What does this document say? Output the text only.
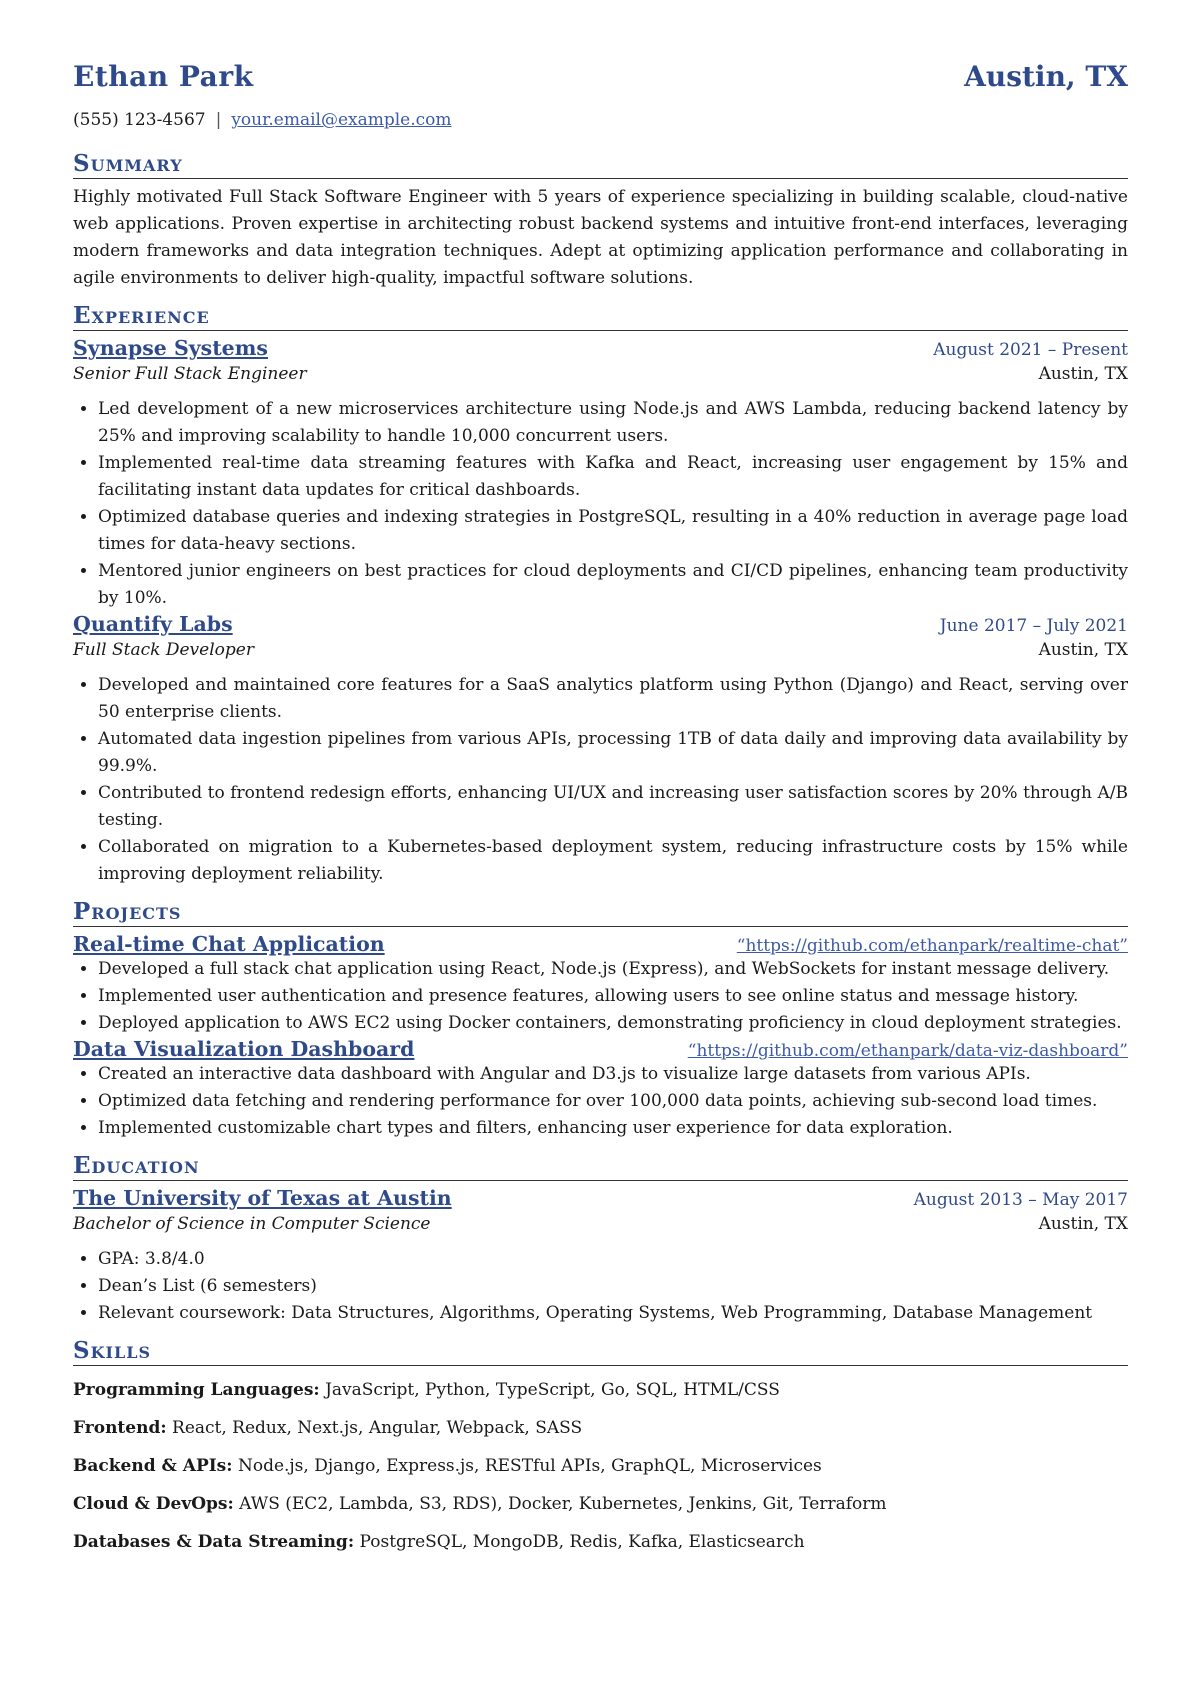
Ethan Park	Austin, TX
(555) 123-4567 | your.email@example.com
Summary
Highly motivated Full Stack Software Engineer with 5 years of experience specializing in building scalable, cloud-native web applications. Proven expertise in architecting robust backend systems and intuitive front-end interfaces, leveraging modern frameworks and data integration techniques. Adept at optimizing application performance and collaborating in agile environments to deliver high-quality, impactful software solutions.
Experience
Synapse Systems	August 2021 – Present
Senior Full Stack Engineer	Austin, TX
• Led development of a new microservices architecture using Node.js and AWS Lambda, reducing backend latency by 25% and improving scalability to handle 10,000 concurrent users.
• Implemented real-time data streaming features with Kafka and React, increasing user engagement by 15% and facilitating instant data updates for critical dashboards.
• Optimized database queries and indexing strategies in PostgreSQL, resulting in a 40% reduction in average page load times for data-heavy sections.
• Mentored junior engineers on best practices for cloud deployments and CI/CD pipelines, enhancing team productivity by 10%.
Quantify Labs	June 2017 – July 2021
Full Stack Developer	Austin, TX
• Developed and maintained core features for a SaaS analytics platform using Python (Django) and React, serving over 50 enterprise clients.
• Automated data ingestion pipelines from various APIs, processing 1TB of data daily and improving data availability by 99.9%.
• Contributed to frontend redesign efforts, enhancing UI/UX and increasing user satisfaction scores by 20% through A/B testing.
• Collaborated on migration to a Kubernetes-based deployment system, reducing infrastructure costs by 15% while improving deployment reliability.
Projects
Real-time Chat Application	“https://github.com/ethanpark/realtime-chat”
• Developed a full stack chat application using React, Node.js (Express), and WebSockets for instant message delivery.
• Implemented user authentication and presence features, allowing users to see online status and message history.
• Deployed application to AWS EC2 using Docker containers, demonstrating proficiency in cloud deployment strategies.
Data Visualization Dashboard	“https://github.com/ethanpark/data-viz-dashboard”
• Created an interactive data dashboard with Angular and D3.js to visualize large datasets from various APIs.
• Optimized data fetching and rendering performance for over 100,000 data points, achieving sub-second load times.
• Implemented customizable chart types and filters, enhancing user experience for data exploration.
Education
The University of Texas at Austin	August 2013 – May 2017
Bachelor of Science in Computer Science	Austin, TX
• GPA: 3.8/4.0
• Dean’s List (6 semesters)
• Relevant coursework: Data Structures, Algorithms, Operating Systems, Web Programming, Database Management
Skills
Programming Languages: JavaScript, Python, TypeScript, Go, SQL, HTML/CSS
Frontend: React, Redux, Next.js, Angular, Webpack, SASS
Backend & APIs: Node.js, Django, Express.js, RESTful APIs, GraphQL, Microservices
Cloud & DevOps: AWS (EC2, Lambda, S3, RDS), Docker, Kubernetes, Jenkins, Git, Terraform
Databases & Data Streaming: PostgreSQL, MongoDB, Redis, Kafka, Elasticsearch
